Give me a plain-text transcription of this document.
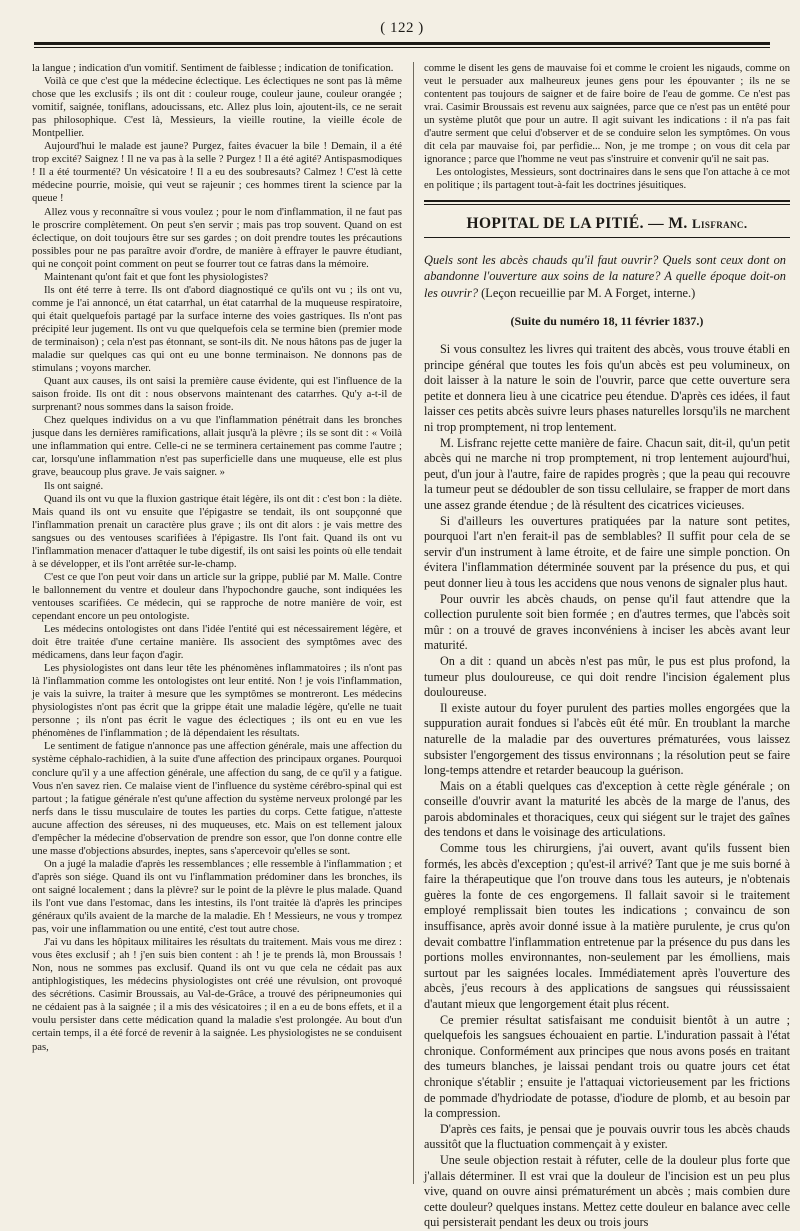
( 122 )

la langue ; indication d'un vomitif. Sentiment de faiblesse ; indication de tonification.

Voilà ce que c'est que la médecine éclectique. Les éclectiques ne sont pas là même chose que les exclusifs ; ils ont dit : couleur rouge, couleur jaune, couleur orangée ; vomitif, saignée, toniflans, adoucissans, etc. Allez plus loin, ajoutent-ils, ce ne serait pas philosophique. C'est là, Messieurs, la vieille routine, la vieille école de Montpellier.

Aujourd'hui le malade est jaune? Purgez, faites évacuer la bile ! Demain, il a été trop excité? Saignez ! Il ne va pas à la selle ? Purgez ! Il a été agité? Antispasmodiques ! Il a été tourmenté? Un vésicatoire ! Il a eu des soubresauts? Calmez ! C'est là cette médecine pourrie, moisie, qui veut se rajeunir ; ces hommes tirent la science par la queue !

Allez vous y reconnaître si vous voulez ; pour le nom d'inflammation, il ne faut pas le proscrire complètement. On peut s'en servir ; mais pas trop souvent. Quand on est éclectique, on doit toujours être sur ses gardes ; on doit prendre toutes les précautions possibles pour ne pas paraître avoir d'ordre, de manière à effrayer le pauvre étudiant, qui ne conçoit point comment on peut se fourrer tout ce fatras dans la mémoire.

Maintenant qu'ont fait et que font les physiologistes?

Ils ont été terre à terre. Ils ont d'abord diagnostiqué ce qu'ils ont vu ; ils ont vu, comme je l'ai annoncé, un état catarrhal, un état catarrhal de la muqueuse respiratoire, qui était quelquefois partagé par la surface interne des voies gastriques. Ils n'ont pas précipité leur jugement. Ils ont vu que quelquefois cela se termine bien (premier mode de terminaison) ; cela n'est pas étonnant, se sont-ils dit. Ne nous hâtons pas de juger la maladie sur quelques cas qui ont eu une bonne terminaison. Ne donnons pas de stimulans ; voyons marcher.

Quant aux causes, ils ont saisi la première cause évidente, qui est l'influence de la saison froide. Ils ont dit : nous observons maintenant des catarrhes. Qu'y a-t-il de surprenant? nous sommes dans la saison froide.

Chez quelques individus on a vu que l'inflammation pénétrait dans les bronches jusque dans les dernières ramifications, allait jusqu'à la plèvre ; ils se sont dit : « Voilà une inflammation qui entre. Celle-ci ne se terminera certainement pas comme l'autre ; car, lorsqu'une inflammation n'est pas superficielle dans une muqueuse, elle est plus grave, beaucoup plus grave. Je vais saigner. »

Ils ont saigné.

Quand ils ont vu que la fluxion gastrique était légère, ils ont dit : c'est bon : la diète. Mais quand ils ont vu ensuite que l'épigastre se tendait, ils ont soupçonné que l'inflammation prenait un caractère plus grave ; ils ont dit alors : je vais mettre des sangsues ou des ventouses scarifiées à l'épigastre. Ils l'ont fait. Quand ils ont vu l'inflammation menacer d'attaquer le tube digestif, ils ont saisi les points où elle tendait à se développer, et ils l'ont arrêtée sur-le-champ.

C'est ce que l'on peut voir dans un article sur la grippe, publié par M. Malle. Contre le ballonnement du ventre et douleur dans l'hypochondre gauche, sont indiquées les ventouses scarifiées. Ce médecin, qui se rapproche de notre manière de voir, est cependant encore un peu ontologiste.

Les médecins ontologistes ont dans l'idée l'entité qui est nécessairement légère, et doit être traitée d'une certaine manière. Ils associent des symptômes avec des médicamens, dans leur façon d'agir.

Les physiologistes ont dans leur tête les phénomènes inflammatoires ; ils n'ont pas là l'inflammation comme les ontologistes ont leur entité. Non ! je vois l'inflammation, je vais la suivre, la traiter à mesure que les symptômes se montreront. Les médecins physiologistes n'ont pas écrit que la grippe était une maladie légère, qu'elle ne tuait personne ; ils n'ont pas écrit le vague des éclectiques ; ils ont eu en vue les phénomènes de l'inflammation ; de là dépendaient les résultats.

Le sentiment de fatigue n'annonce pas une affection générale, mais une affection du système céphalo-rachidien, à la suite d'une affection des principaux organes. Pourquoi conclure qu'il y a une affection générale, une affection du sang, de ce qu'il y a fatigue. Vous n'en savez rien. Ce malaise vient de l'influence du système cérébro-spinal qui est partout ; la fatigue générale n'est qu'une affection du système nerveux prolongé par les nerfs dans le tissu musculaire de toutes les parties du corps. Cette fatigue, n'atteste aucune affection des séreuses, ni des muqueuses, etc. Mais on est tellement jaloux d'empêcher la médecine d'observation de prendre son essor, que l'on donne contre elle une masse d'objections absurdes, ineptes, sans s'apercevoir qu'elles se sont.

On a jugé la maladie d'après les ressemblances ; elle ressemble à l'inflammation ; et d'après son siége. Quand ils ont vu l'inflammation prédominer dans les bronches, ils ont saigné localement ; dans la plèvre? sur le point de la plèvre le plus malade. Quand ils l'ont vue dans l'estomac, dans les intestins, ils l'ont traitée là d'après les principes généraux qu'ils avaient de la marche de la maladie. Eh ! Messieurs, ne vous y trompez pas, voir une inflammation ou une entité, c'est tout autre chose.

J'ai vu dans les hôpitaux militaires les résultats du traitement. Mais vous me direz : vous êtes exclusif ; ah ! j'en suis bien content : ah ! je te prends là, mon Broussais ! Non, nous ne sommes pas exclusif. Quand ils ont vu que cela ne cédait pas aux antiphlogistiques, les médecins physiologistes ont créé une révulsion, ont provoqué des sécrétions. Casimir Broussais, au Val-de-Grâce, a trouvé des péripneumonies qui ne cédaient pas à la saignée ; il a mis des vésicatoires ; il en a eu de bons effets, et il a voulu persister dans cette médication quand la maladie s'est prolongée. Au bout d'un certain temps, il a été forcé de revenir à la saignée. Les physiologistes ne se conduisent pas,

comme le disent les gens de mauvaise foi et comme le croient les nigauds, comme on veut le persuader aux malheureux jeunes gens pour les épouvanter ; ils ne se contentent pas toujours de saigner et de faire boire de l'eau de gomme. Ce n'est pas vrai. Casimir Broussais est revenu aux saignées, parce que ce n'est pas un entêté pour un système plutôt que pour un autre. Il agit suivant les indications : il n'a pas fait d'autre serment que celui d'observer et de se conduire selon les symptômes. On vous dit cela par mauvaise foi, par perfidie... Non, je me trompe ; on vous dit cela par ignorance ; parce que l'homme ne veut pas s'instruire et convenir qu'il ne sait pas.

Les ontologistes, Messieurs, sont doctrinaires dans le sens que l'on attache à ce mot en politique ; ils partagent tout-à-fait les doctrines jésuitiques.

HOPITAL DE LA PITIÉ. — M. Lisfranc.
Quels sont les abcès chauds qu'il faut ouvrir? Quels sont ceux dont on abandonne l'ouverture aux soins de la nature? A quelle époque doit-on les ouvrir? (Leçon recueillie par M. A Forget, interne.)
(Suite du numéro 18, 11 février 1837.)

Si vous consultez les livres qui traitent des abcès, vous trouve établi en principe général que toutes les fois qu'un abcès est peu volumineux, on doit laisser à la nature le soin de l'ouvrir, parce que cette ouverture sera petite et donnera lieu à une cicatrice peu étendue. D'après ces idées, il faut laisser ces petits abcès suivre leurs phases naturelles lorsqu'ils ne marchent ni trop promptement, ni trop lentement.

M. Lisfranc rejette cette manière de faire. Chacun sait, dit-il, qu'un petit abcès qui ne marche ni trop promptement, ni trop lentement aujourd'hui, peut, d'un jour à l'autre, faire de rapides progrès ; que la peau qui recouvre la tumeur peut se dédoubler de son tissu cellulaire, se frapper de mort dans une assez grande étendue ; de là résultent des cicatrices vicieuses.

Si d'ailleurs les ouvertures pratiquées par la nature sont petites, pourquoi l'art n'en ferait-il pas de semblables? Il suffit pour cela de se servir d'un instrument à lame étroite, et de faire une simple ponction. On évitera l'inflammation déterminée souvent par la présence du pus, et qui peut donner lieu à tous les accidens que nous venons de signaler plus haut.

Pour ouvrir les abcès chauds, on pense qu'il faut attendre que la collection purulente soit bien formée ; en d'autres termes, que l'abcès soit mûr : on a trouvé de graves inconvéniens à inciser les abcès avant leur maturité.

On a dit : quand un abcès n'est pas mûr, le pus est plus profond, la tumeur plus douloureuse, ce qui doit rendre l'incision également plus douloureuse.

Il existe autour du foyer purulent des parties molles engorgées que la suppuration aurait fondues si l'abcès eût été mûr. En troublant la marche naturelle de la maladie par des ouvertures prématurées, vous laissez subsister l'engorgement des tissus environnans ; la résolution peut se faire long-temps attendre et retarder beaucoup la guérison.

Mais on a établi quelques cas d'exception à cette règle générale ; on conseille d'ouvrir avant la maturité les abcès de la marge de l'anus, des parois abdominales et thoraciques, ceux qui siégent sur le trajet des gaînes des tendons et dans le voisinage des articulations.

Comme tous les chirurgiens, j'ai ouvert, avant qu'ils fussent bien formés, les abcès d'exception ; qu'est-il arrivé? Tant que je me suis borné à faire la thérapeutique que l'on trouve dans tous les auteurs, je n'obtenais guères la fonte de ces engorgemens. Il fallait savoir si le traitement employé remplissait bien toutes les indications ; convaincu de son insuffisance, après avoir donné issue à la matière purulente, je crus qu'on devait combattre l'inflammation entretenue par la présence du pus dans les portions molles environnantes, non-seulement par les émolliens, mais surtout par les saignées locales. Immédiatement après l'ouverture des abcès, j'eus recours à des applications de sangsues qui réussissaient d'autant mieux que lengorgement était plus récent.

Ce premier résultat satisfaisant me conduisit bientôt à un autre ; quelquefois les sangsues échouaient en partie. L'induration passait à l'état chronique. Conformément aux principes que nous avons posés en traitant des tumeurs blanches, je laissai pendant trois ou quatre jours cet état chronique s'établir ; ensuite je l'attaquai victorieusement par les frictions de pommade d'hydriodate de potasse, d'iodure de plomb, et au besoin par la compression.

D'après ces faits, je pensai que je pouvais ouvrir tous les abcès chauds aussitôt que la fluctuation commençait à y exister.

Une seule objection restait à réfuter, celle de la douleur plus forte que j'allais déterminer. Il est vrai que la douleur de l'incision est un peu plus vive, quand on ouvre ainsi prématurément un abcès ; mais combien dure cette douleur? quelques instans. Mettez cette douleur en balance avec celle qui persisterait pendant les deux ou trois jours
